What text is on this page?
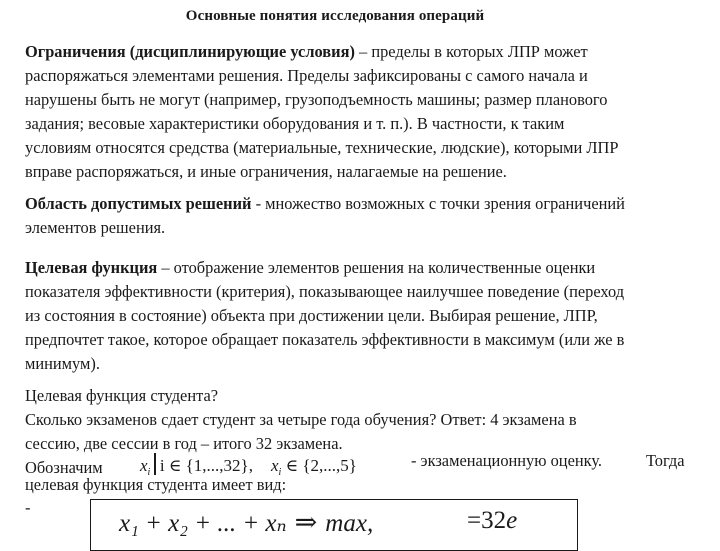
Основные понятия исследования операций

Ограничения (дисциплинирующие условия) – пределы в которых ЛПР может
распоряжаться элементами решения. Пределы зафиксированы с самого начала и
нарушены быть не могут (например, грузоподъемность машины; размер планового
задания; весовые характеристики оборудования и т. п.). В частности, к таким
условиям относятся средства (материальные, технические, людские), которыми ЛПР
вправе распоряжаться, и иные ограничения, налагаемые на решение.

Область допустимых решений - множество возможных с точки зрения ограничений
элементов решения.

Целевая функция – отображение элементов решения на количественные оценки
показателя эффективности (критерия), показывающее наилучшее поведение (переход
из состояния в состояние) объекта при достижении цели. Выбирая решение, ЛПР,
предпочтет такое, которое обращает показатель эффективности в максимум (или же в
минимум).

Целевая функция студента?
Сколько экзаменов сдает студент за четыре года обучения? Ответ: 4 экзамена в
сессию, две сессии в год – итого 32 экзамена.
Обозначим	$x_i$ i ∈ {1,...,32}, $x_i$ ∈ {2,...,5}	- экзаменационную оценку.	Тогда
целевая функция студента имеет вид:
-
x₁ + x₂ + ... + xₙ ⇒ max,	=32e
